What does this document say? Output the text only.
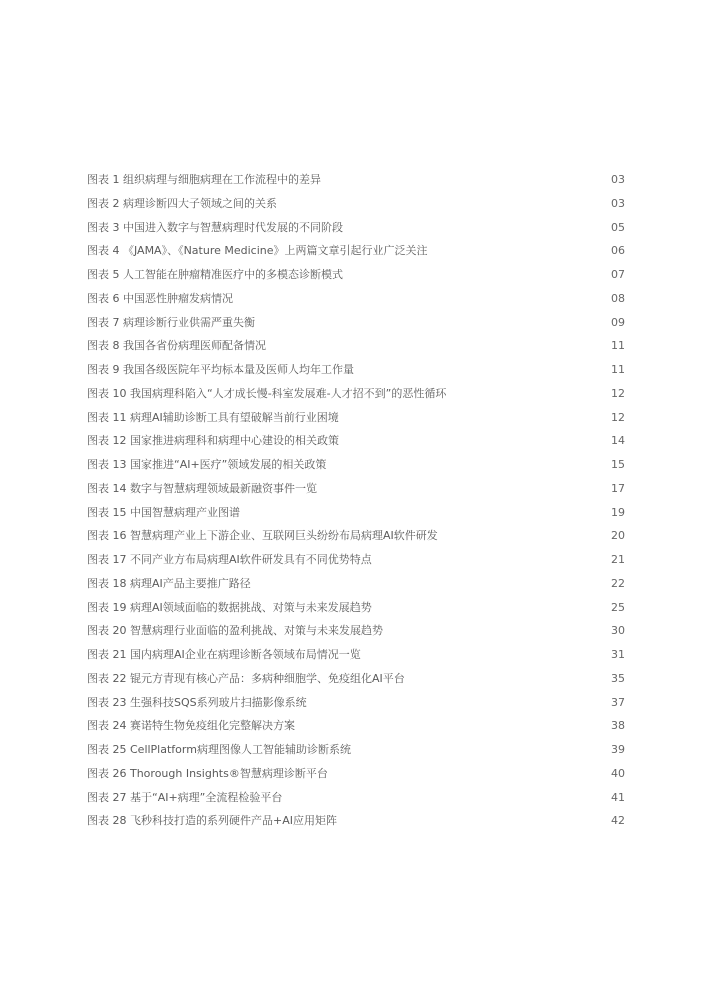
图表 1 组织病理与细胞病理在工作流程中的差异	03
图表 2 病理诊断四大子领域之间的关系	03
图表 3 中国进入数字与智慧病理时代发展的不同阶段	05
图表 4 《JAMA》、《Nature Medicine》上两篇文章引起行业广泛关注	06
图表 5 人工智能在肿瘤精准医疗中的多模态诊断模式	07
图表 6 中国恶性肿瘤发病情况	08
图表 7 病理诊断行业供需严重失衡	09
图表 8 我国各省份病理医师配备情况	11
图表 9 我国各级医院年平均标本量及医师人均年工作量	11
图表 10 我国病理科陷入“人才成长慢-科室发展难-人才招不到”的恶性循环	12
图表 11 病理AI辅助诊断工具有望破解当前行业困境	12
图表 12 国家推进病理科和病理中心建设的相关政策	14
图表 13 国家推进“AI+医疗”领域发展的相关政策	15
图表 14 数字与智慧病理领域最新融资事件一览	17
图表 15 中国智慧病理产业图谱	19
图表 16 智慧病理产业上下游企业、互联网巨头纷纷布局病理AI软件研发	20
图表 17 不同产业方布局病理AI软件研发具有不同优势特点	21
图表 18 病理AI产品主要推广路径	22
图表 19 病理AI领域面临的数据挑战、对策与未来发展趋势	25
图表 20 智慧病理行业面临的盈利挑战、对策与未来发展趋势	30
图表 21 国内病理AI企业在病理诊断各领域布局情况一览	31
图表 22 锟元方青现有核心产品：多病种细胞学、免疫组化AI平台	35
图表 23 生强科技SQS系列玻片扫描影像系统	37
图表 24 赛诺特生物免疫组化完整解决方案	38
图表 25 CellPlatform病理图像人工智能辅助诊断系统	39
图表 26 Thorough Insights®智慧病理诊断平台	40
图表 27 基于“AI+病理”全流程检验平台	41
图表 28 飞秒科技打造的系列硬件产品+AI应用矩阵	42
